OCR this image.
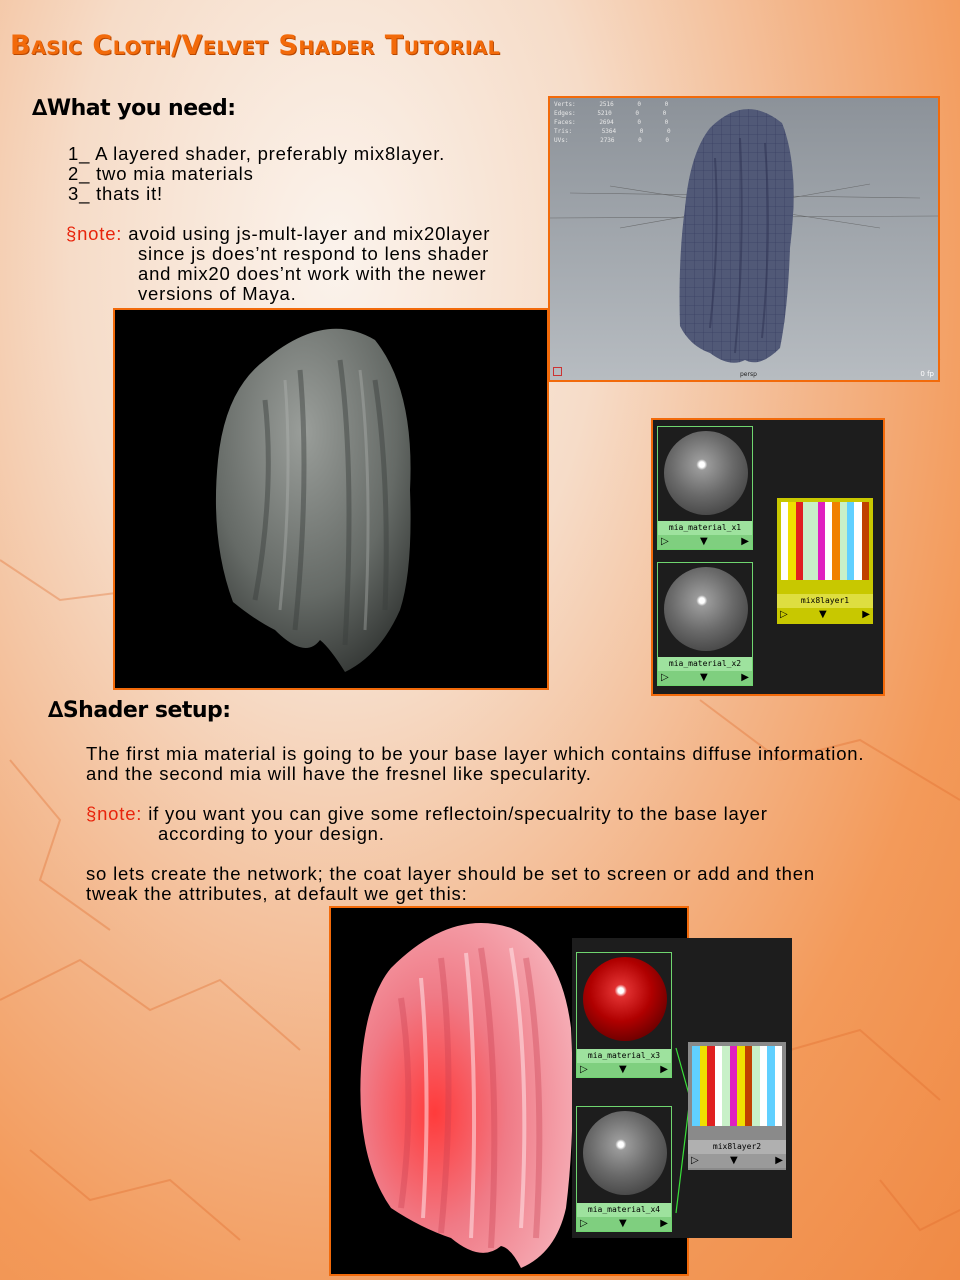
Basic Cloth/Velvet Shader Tutorial
∆What you need:
1_ A layered shader, preferably mix8layer.
2_ two mia materials
3_ thats it!
§note: avoid using js-mult-layer and mix20layer
since js does’nt respond to lens shader
and mix20 does’nt work with the newer
versions of Maya.
Verts:	2516	0	0
Edges:	5210	0	0
Faces:	2694	0	0
Tris:	5364	0	0
UVs:	2736	0	0
persp	0 fp
mia_material_x1
▷	▼	▶
mia_material_x2
▷	▼	▶
mix8layer1
▷	▼	▶
∆Shader setup:
The first mia material is going to be your base layer which contains diffuse information.
and the second mia will have the fresnel like specularity.
§note: if you want you can give some reflectoin/specualrity to the base layer
according to your design.
so lets create the network; the coat layer should be set to screen or add and then
tweak the attributes, at default we get this:
mia_material_x3
▷	▼	▶
mia_material_x4
▷	▼	▶
mix8layer2
▷	▼	▶
